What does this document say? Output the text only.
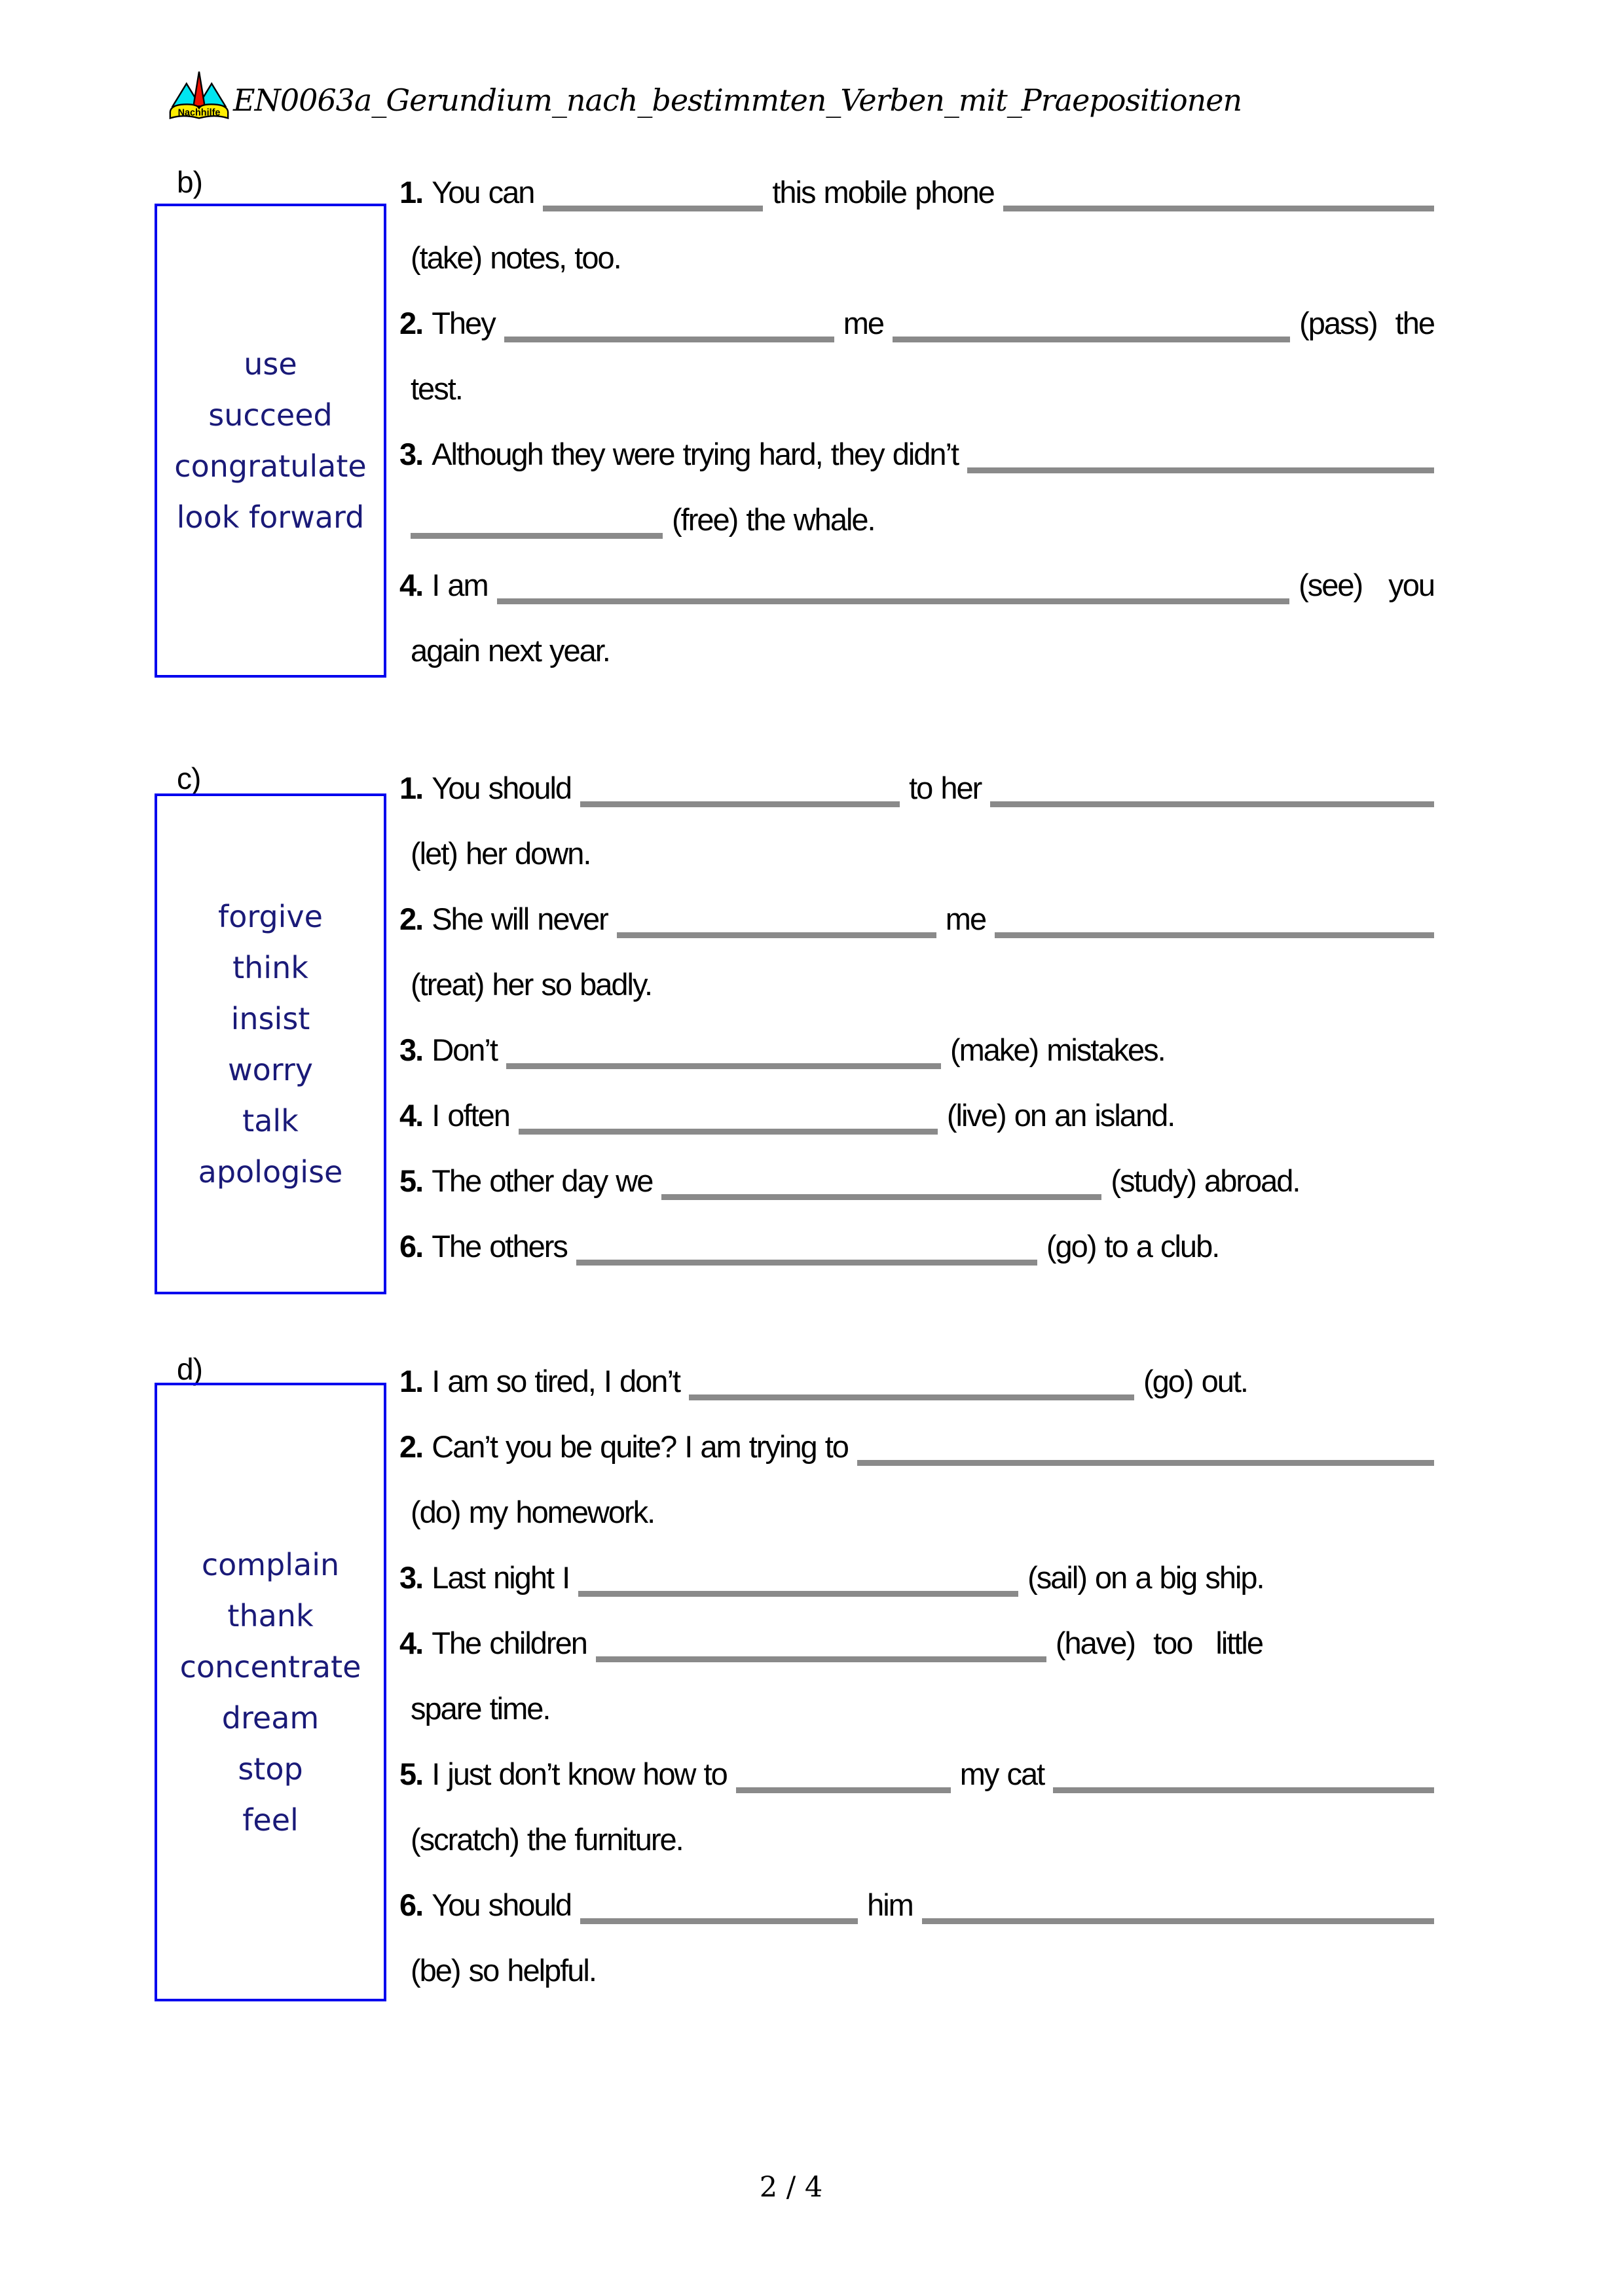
Nachhilfe EN0063a_Gerundium_nach_bestimmten_Verben_mit_Praepositionen
b)
use
succeed
congratulate
look forward
1. You can	this mobile phone
(take) notes, too.
2. They	me	(pass) the
test.
3. Although they were trying hard, they didn’t
(free) the whale.
4. I am	(see) you
again next year.
c)
forgive
think
insist
worry
talk
apologise
1. You should	to her
(let) her down.
2. She will never	me
(treat) her so badly.
3. Don’t	(make) mistakes.
4. I often	(live) on an island.
5. The other day we	(study) abroad.
6. The others	(go) to a club.
d)
complain
thank
concentrate
dream
stop
feel
1. I am so tired, I don’t	(go) out.
2. Can’t you be quite? I am trying to
(do) my homework.
3. Last night I	(sail) on a big ship.
4. The children	(have) too little
spare time.
5. I just don’t know how to	my cat
(scratch) the furniture.
6. You should	him
(be) so helpful.
2 / 4
